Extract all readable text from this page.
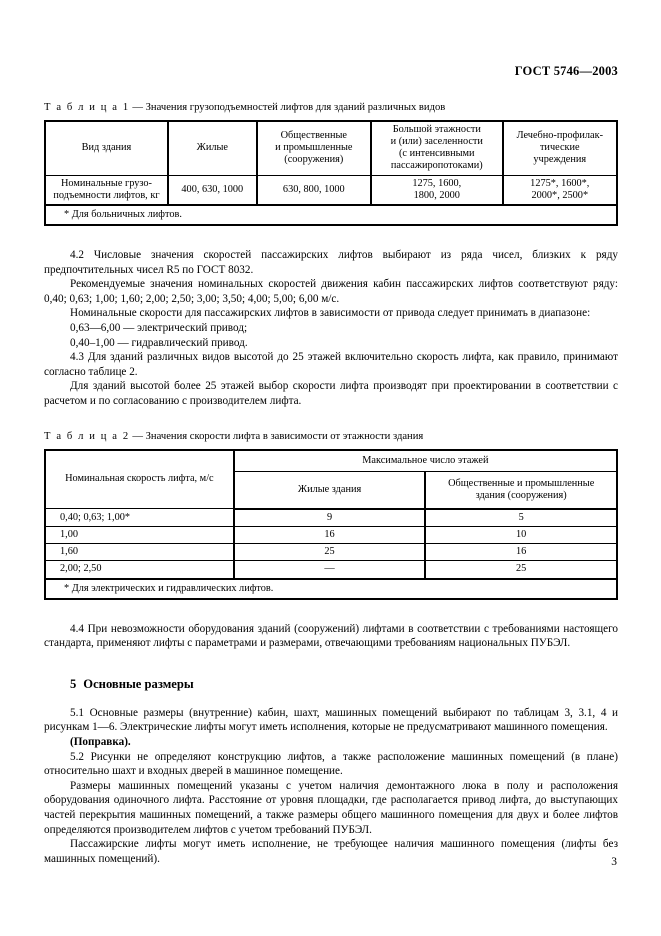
ГОСТ 5746—2003
Т а б л и ц а 1 — Значения грузоподъемностей лифтов для зданий различных видов
Вид здания	Жилые	Общественные
и промышленные
(сооружения)	Большой этажности
и (или) заселенности
(с интенсивными
пассажиропотоками)	Лечебно-профилак-
тические
учреждения
Номинальные грузо-
подъемности лифтов, кг	400, 630, 1000	630, 800, 1000	1275, 1600,
1800, 2000	1275*, 1600*,
2000*, 2500*
* Для больничных лифтов.				

4.2 Числовые значения скоростей пассажирских лифтов выбирают из ряда чисел, близких к ряду предпочтительных чисел R5 по ГОСТ 8032.

Рекомендуемые значения номинальных скоростей движения кабин пассажирских лифтов соответствуют ряду: 0,40; 0,63; 1,00; 1,60; 2,00; 2,50; 3,00; 3,50; 4,00; 5,00; 6,00 м/с.

Номинальные скорости для пассажирских лифтов в зависимости от привода следует принимать в диапазоне:

0,63—6,00 — электрический привод;

0,40–1,00 — гидравлический привод.

4.3 Для зданий различных видов высотой до 25 этажей включительно скорость лифта, как правило, принимают согласно таблице 2.

Для зданий высотой более 25 этажей выбор скорости лифта производят при проектировании в соответствии с расчетом и по согласованию с производителем лифта.

Т а б л и ц а 2 — Значения скорости лифта в зависимости от этажности здания
Номинальная скорость лифта, м/с	Максимальное число этажей	
	Жилые здания	Общественные и промышленные
здания (сооружения)
0,40; 0,63; 1,00*	9	5
1,00	16	10
1,60	25	16
2,00; 2,50	—	25
* Для электрических и гидравлических лифтов.		

4.4 При невозможности оборудования зданий (сооружений) лифтами в соответствии с требованиями настоящего стандарта, применяют лифты с параметрами и размерами, отвечающими требованиям национальных ПУБЭЛ.

5 Основные размеры

5.1 Основные размеры (внутренние) кабин, шахт, машинных помещений выбирают по таблицам 3, 3.1, 4 и рисункам 1—6. Электрические лифты могут иметь исполнения, которые не предусматривают машинного помещения.

(Поправка).

5.2 Рисунки не определяют конструкцию лифтов, а также расположение машинных помещений (в плане) относительно шахт и входных дверей в машинное помещение.

Размеры машинных помещений указаны с учетом наличия демонтажного люка в полу и расположения оборудования одиночного лифта. Расстояние от уровня площадки, где располагается привод лифта, до выступающих частей перекрытия машинных помещений, а также размеры общего машинного помещения для двух и более лифтов определяются производителем лифтов с учетом требований ПУБЭЛ.

Пассажирские лифты могут иметь исполнение, не требующее наличия машинного помещения (лифты без машинных помещений).	3
